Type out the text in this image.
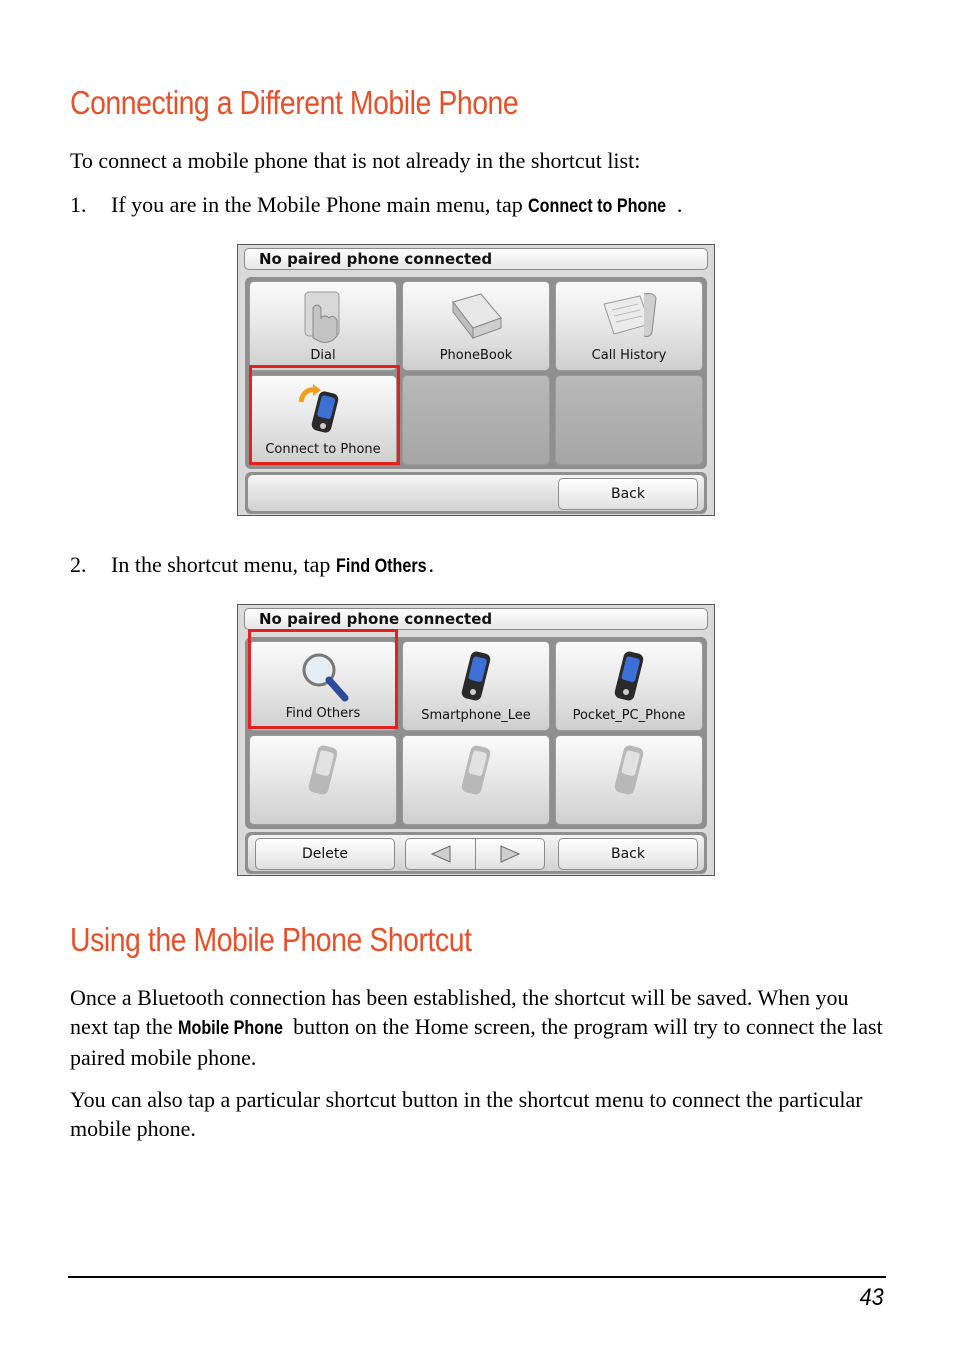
Connecting a Different Mobile Phone

To connect a mobile phone that is not already in the shortcut list:

1. If you are in the Mobile Phone main menu, tap Connect to Phone .

No paired phone connected
Dial	PhoneBook	Call History
Connect to Phone
Back

2. In the shortcut menu, tap Find Others.

No paired phone connected
Find Others	Smartphone_Lee	Pocket_PC_Phone
Delete	Back
Using the Mobile Phone Shortcut

Once a Bluetooth connection has been established, the shortcut will be saved. When you next tap the Mobile Phone button on the Home screen, the program will try to connect the last paired mobile phone.

You can also tap a particular shortcut button in the shortcut menu to connect the particular mobile phone.

43
